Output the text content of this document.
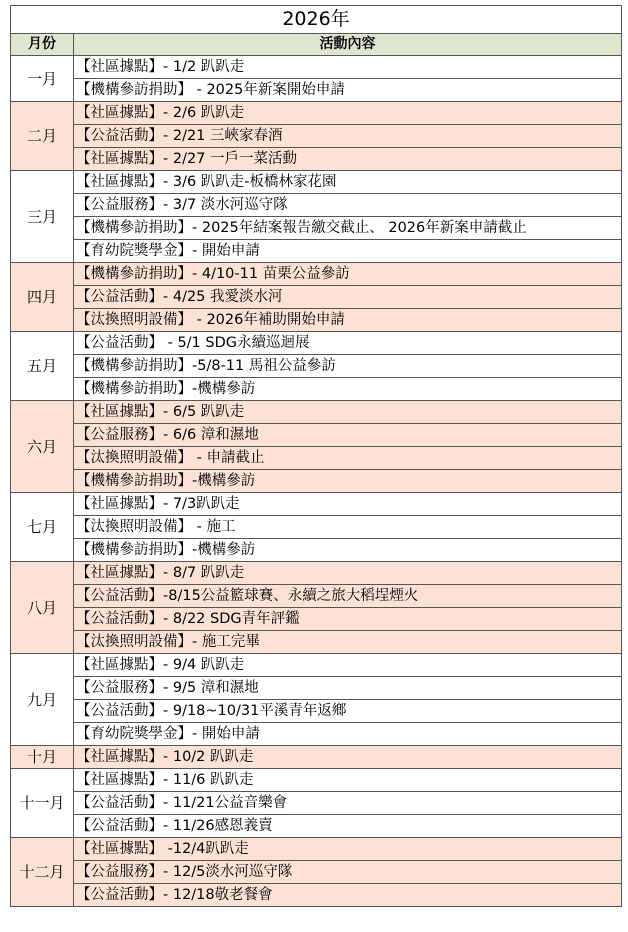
2026年	
月份	活動內容
一月	【社區據點】- 1/2 趴趴走
	【機構參訪捐助】 - 2025年新案開始申請
二月	【社區據點】- 2/6 趴趴走
	【公益活動】- 2/21 三峽家春酒
	【社區據點】- 2/27 一戶一菜活動
三月	【社區據點】- 3/6 趴趴走-板橋林家花園
	【公益服務】- 3/7 淡水河巡守隊
	【機構參訪捐助】- 2025年結案報告繳交截止、 2026年新案申請截止
	【育幼院獎學金】- 開始申請
四月	【機構參訪捐助】- 4/10-11 苗栗公益參訪
	【公益活動】- 4/25 我愛淡水河
	【汰換照明設備】 - 2026年補助開始申請
五月	【公益活動】 - 5/1 SDG永續巡迴展
	【機構參訪捐助】-5/8-11 馬祖公益參訪
	【機構參訪捐助】-機構參訪
六月	【社區據點】- 6/5 趴趴走
	【公益服務】- 6/6 漳和濕地
	【汰換照明設備】 - 申請截止
	【機構參訪捐助】-機構參訪
七月	【社區據點】- 7/3趴趴走
	【汰換照明設備】 - 施工
	【機構參訪捐助】-機構參訪
八月	【社區據點】- 8/7 趴趴走
	【公益活動】-8/15公益籃球賽、永續之旅大稻埕煙火
	【公益活動】- 8/22 SDG青年評鑑
	【汰換照明設備】- 施工完畢
九月	【社區據點】- 9/4 趴趴走
	【公益服務】- 9/5 漳和濕地
	【公益活動】- 9/18~10/31平溪青年返鄉
	【育幼院獎學金】- 開始申請
十月	【社區據點】- 10/2 趴趴走
十一月	【社區據點】- 11/6 趴趴走
	【公益活動】- 11/21公益音樂會
	【公益活動】- 11/26感恩義賣
十二月	【社區據點】 -12/4趴趴走
	【公益服務】- 12/5淡水河巡守隊
	【公益活動】- 12/18敬老餐會
